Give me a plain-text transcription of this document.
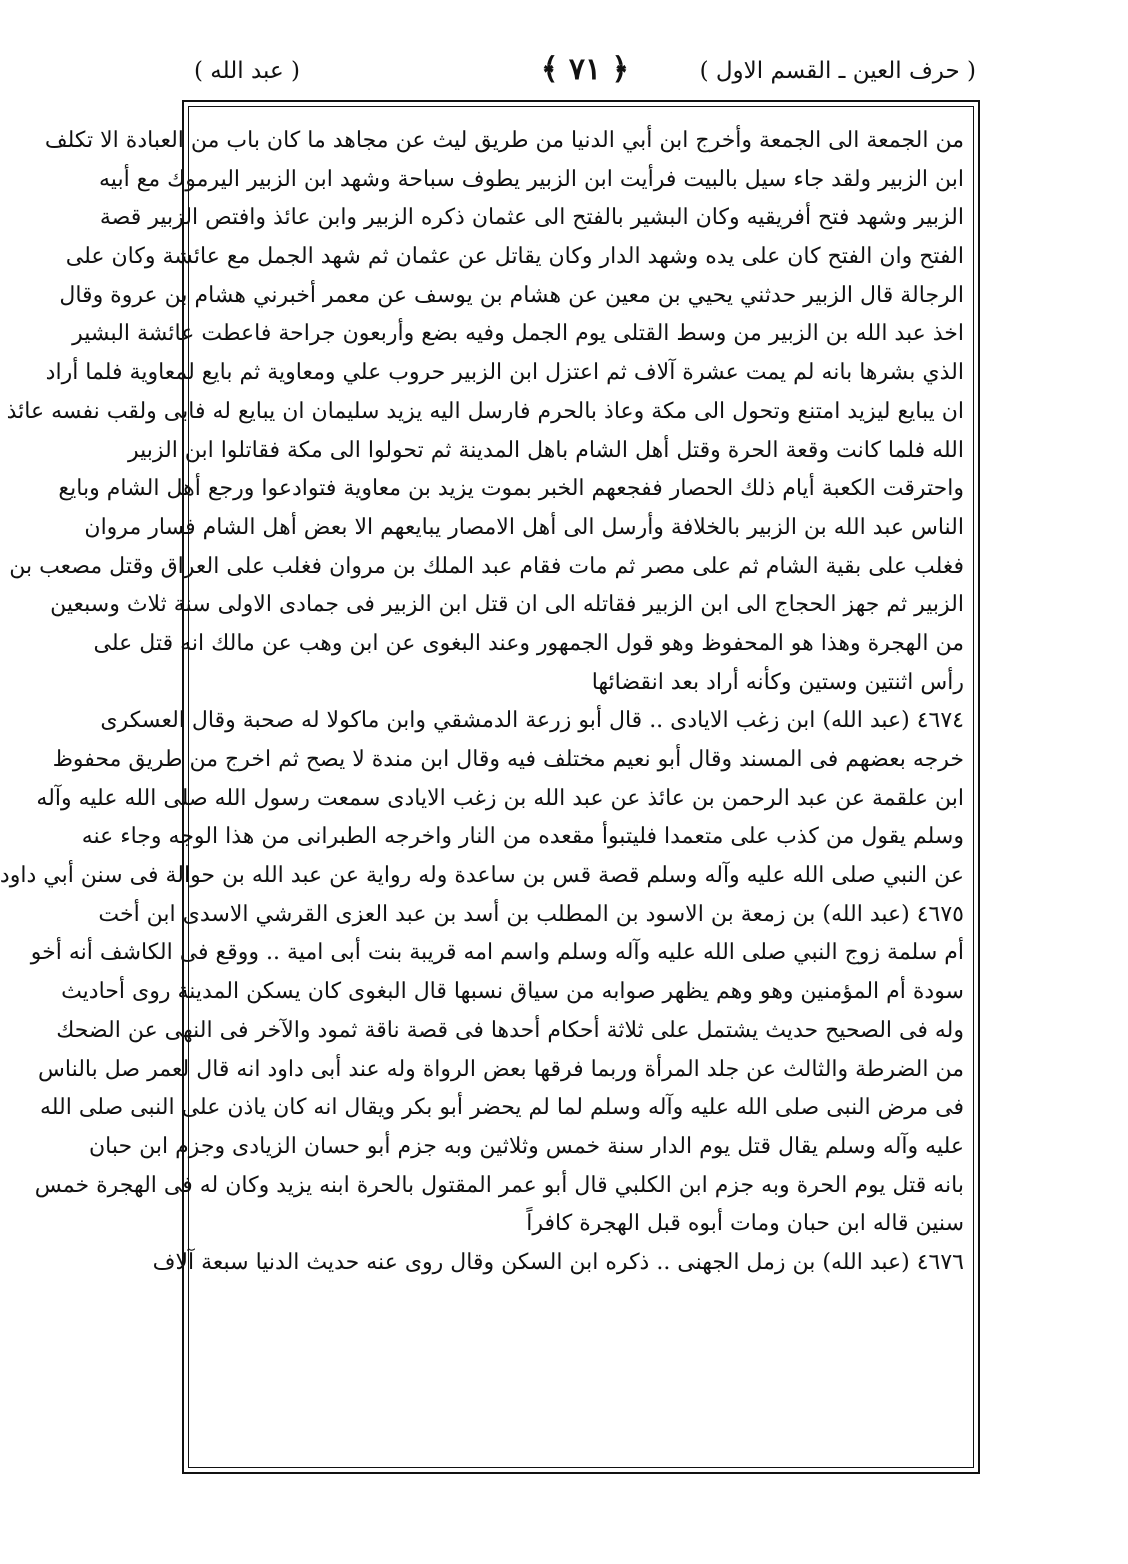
( حرف العين ـ القسم الاول )
﴿ ٧١ ﴾
( عبد الله )
من الجمعة الى الجمعة وأخرج ابن أبي الدنيا من طريق ليث عن مجاهد ما كان باب من العبادة الا تكلف
ابن الزبير ولقد جاء سيل بالبيت فرأيت ابن الزبير يطوف سباحة وشهد ابن الزبير اليرموك مع أبيه
الزبير وشهد فتح أفريقيه وكان البشير بالفتح الى عثمان ذكره الزبير وابن عائذ وافتص الزبير قصة
الفتح وان الفتح كان على يده وشهد الدار وكان يقاتل عن عثمان ثم شهد الجمل مع عائشة وكان على
الرجالة قال الزبير حدثني يحيي بن معين عن هشام بن يوسف عن معمر أخبرني هشام بن عروة وقال
اخذ عبد الله بن الزبير من وسط القتلى يوم الجمل وفيه بضع وأربعون جراحة فاعطت عائشة البشير
الذي بشرها بانه لم يمت عشرة آلاف ثم اعتزل ابن الزبير حروب علي ومعاوية ثم بايع لمعاوية فلما أراد
ان يبايع ليزيد امتنع وتحول الى مكة وعاذ بالحرم فارسل اليه يزيد سليمان ان يبايع له فابى ولقب نفسه عائذ
الله فلما كانت وقعة الحرة وقتل أهل الشام باهل المدينة ثم تحولوا الى مكة فقاتلوا ابن الزبير
واحترقت الكعبة أيام ذلك الحصار ففجعهم الخبر بموت يزيد بن معاوية فتوادعوا ورجع أهل الشام وبايع
الناس عبد الله بن الزبير بالخلافة وأرسل الى أهل الامصار يبايعهم الا بعض أهل الشام فسار مروان
فغلب على بقية الشام ثم على مصر ثم مات فقام عبد الملك بن مروان فغلب على العراق وقتل مصعب بن
الزبير ثم جهز الحجاج الى ابن الزبير فقاتله الى ان قتل ابن الزبير فى جمادى الاولى سنة ثلاث وسبعين
من الهجرة وهذا هو المحفوظ وهو قول الجمهور وعند البغوى عن ابن وهب عن مالك انه قتل على
رأس اثنتين وستين وكأنه أراد بعد انقضائها
٤٦٧٤ (عبد الله) ابن زغب الايادى .. قال أبو زرعة الدمشقي وابن ماكولا له صحبة وقال العسكرى
خرجه بعضهم فى المسند وقال أبو نعيم مختلف فيه وقال ابن مندة لا يصح ثم اخرج من طريق محفوظ
ابن علقمة عن عبد الرحمن بن عائذ عن عبد الله بن زغب الايادى سمعت رسول الله صلى الله عليه وآله
وسلم يقول من كذب على متعمدا فليتبوأ مقعده من النار واخرجه الطبرانى من هذا الوجه وجاء عنه
عن النبي صلى الله عليه وآله وسلم قصة قس بن ساعدة وله رواية عن عبد الله بن حوالة فى سنن أبي داود
٤٦٧٥ (عبد الله) بن زمعة بن الاسود بن المطلب بن أسد بن عبد العزى القرشي الاسدى ابن أخت
أم سلمة زوج النبي صلى الله عليه وآله وسلم واسم امه قريبة بنت أبى امية .. ووقع فى الكاشف أنه أخو
سودة أم المؤمنين وهو وهم يظهر صوابه من سياق نسبها قال البغوى كان يسكن المدينة روى أحاديث
وله فى الصحيح حديث يشتمل على ثلاثة أحكام أحدها فى قصة ناقة ثمود والآخر فى النهى عن الضحك
من الضرطة والثالث عن جلد المرأة وربما فرقها بعض الرواة وله عند أبى داود انه قال لعمر صل بالناس
فى مرض النبى صلى الله عليه وآله وسلم لما لم يحضر أبو بكر ويقال انه كان ياذن على النبى صلى الله
عليه وآله وسلم يقال قتل يوم الدار سنة خمس وثلاثين وبه جزم أبو حسان الزيادى وجزم ابن حبان
بانه قتل يوم الحرة وبه جزم ابن الكلبي قال أبو عمر المقتول بالحرة ابنه يزيد وكان له فى الهجرة خمس
سنين قاله ابن حبان ومات أبوه قبل الهجرة كافراً
٤٦٧٦ (عبد الله) بن زمل الجهنى .. ذكره ابن السكن وقال روى عنه حديث الدنيا سبعة آلاف
